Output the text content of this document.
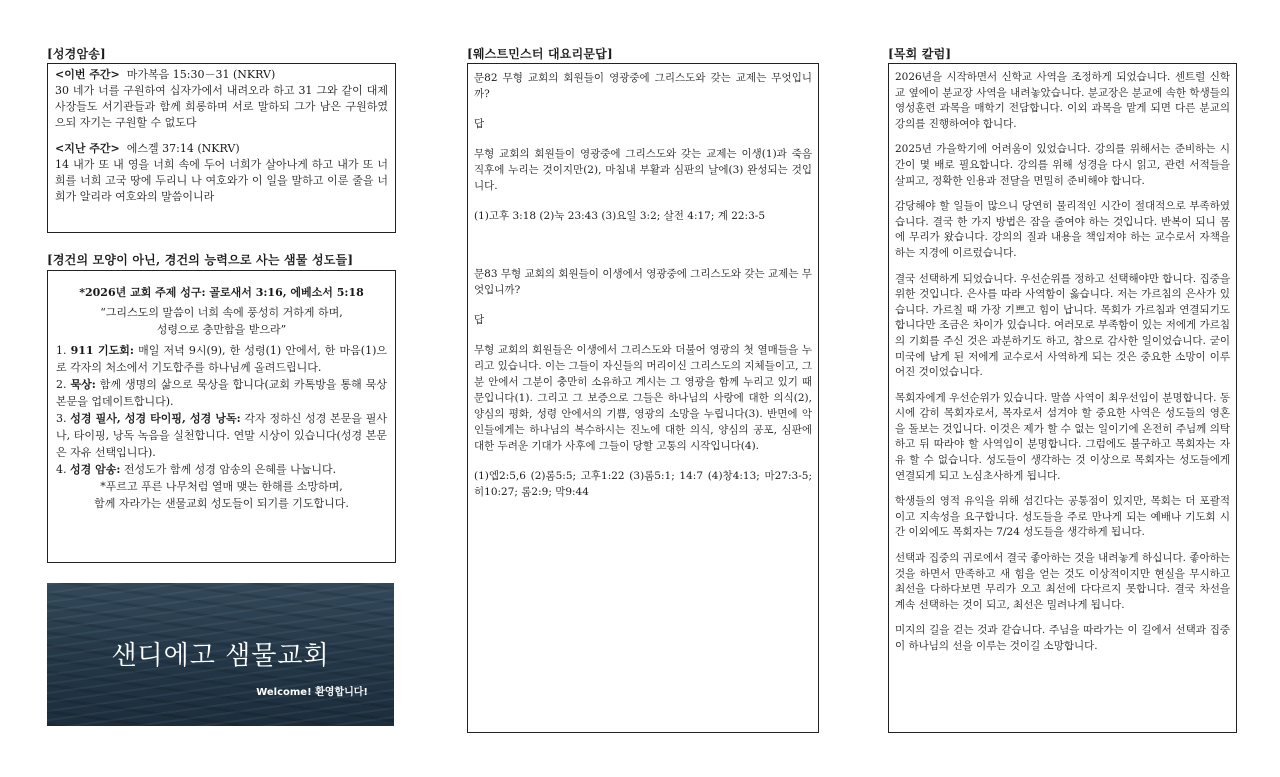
[성경암송]

<이번 주간> 마가복음 15:30－31 (NKRV)

30 네가 너를 구원하여 십자가에서 내려오라 하고 31 그와 같이 대제사장들도 서기관들과 함께 희롱하며 서로 말하되 그가 남은 구원하였으되 자기는 구원할 수 없도다

<지난 주간> 에스겔 37:14 (NKRV)

14 내가 또 내 영을 너희 속에 두어 너희가 살아나게 하고 내가 또 너희를 너희 고국 땅에 두리니 나 여호와가 이 일을 말하고 이룬 줄을 너희가 알리라 여호와의 말씀이니라

[경건의 모양이 아닌, 경건의 능력으로 사는 샘물 성도들]

*2026년 교회 주제 성구: 골로새서 3:16, 에베소서 5:18

“그리스도의 말씀이 너희 속에 풍성히 거하게 하며,

성령으로 충만함을 받으라”

1. 911 기도회: 매일 저녁 9시(9), 한 성령(1) 안에서, 한 마음(1)으로 각자의 처소에서 기도합주를 하나님께 올려드립니다.

2. 묵상: 함께 생명의 삶으로 묵상을 합니다(교회 카톡방을 통해 묵상 본문을 업데이트합니다).

3. 성경 필사, 성경 타이핑, 성경 낭독: 각자 정하신 성경 본문을 필사나, 타이핑, 낭독 녹음을 실천합니다. 연말 시상이 있습니다(성경 본문은 자유 선택입니다).

4. 성경 암송: 전성도가 함께 성경 암송의 은혜를 나눕니다.

*푸르고 푸른 나무처럼 열매 맺는 한해를 소망하며,

함께 자라가는 샌물교회 성도들이 되기를 기도합니다.

샌디에고 샘물교회
Welcome! 환영합니다!
[웨스트민스터 대요리문답]

문82 무형 교회의 회원들이 영광중에 그리스도와 갖는 교제는 무엇입니까?

답

무형 교회의 회원들이 영광중에 그리스도와 갖는 교제는 이생(1)과 죽음 직후에 누리는 것이지만(2), 마침내 부활과 심판의 날에(3) 완성되는 것입니다.

(1)고후 3:18 (2)눅 23:43 (3)요일 3:2; 살전 4:17; 계 22:3-5

문83 무형 교회의 회원들이 이생에서 영광중에 그리스도와 갖는 교제는 무엇입니까?

답

무형 교회의 회원들은 이생에서 그리스도와 더불어 영광의 첫 열매들을 누리고 있습니다. 이는 그들이 자신들의 머리이신 그리스도의 지체들이고, 그분 안에서 그분이 충만히 소유하고 계시는 그 영광을 함께 누리고 있기 때문입니다(1). 그리고 그 보증으로 그들은 하나님의 사랑에 대한 의식(2), 양심의 평화, 성령 안에서의 기쁨, 영광의 소망을 누립니다(3). 반면에 악인들에게는 하나님의 복수하시는 진노에 대한 의식, 양심의 공포, 심판에 대한 두려운 기대가 사후에 그들이 당할 고통의 시작입니다(4).

(1)엡2:5,6 (2)롬5:5; 고후1:22 (3)롬5:1; 14:7 (4)창4:13; 마27:3-5; 히10:27; 롬2:9; 막9:44

[목회 칼럼]

2026년을 시작하면서 신학교 사역을 조정하게 되었습니다. 센트럴 신학교 옆에이 분교장 사역을 내려놓았습니다. 분교장은 분교에 속한 학생들의 영성훈련 과목을 매학기 전담합니다. 이외 과목을 맡게 되면 다른 분교의 강의를 진행하여야 합니다.

2025년 가을학기에 어려움이 있었습니다. 강의를 위해서는 준비하는 시간이 몇 배로 필요합니다. 강의를 위해 성경을 다시 읽고, 관련 서적들을 살피고, 정확한 인용과 전달을 면밀히 준비해야 합니다.

감당해야 할 일들이 많으니 당연히 물리적인 시간이 절대적으로 부족하였습니다. 결국 한 가지 방법은 잠을 줄여야 하는 것입니다. 반복이 되니 몸에 무리가 왔습니다. 강의의 질과 내용을 책임져야 하는 교수로서 자책을 하는 지경에 이르렀습니다.

결국 선택하게 되었습니다. 우선순위를 정하고 선택해야만 합니다. 집중을 위한 것입니다. 은사를 따라 사역함이 옳습니다. 저는 가르침의 은사가 있습니다. 가르칠 때 가장 기쁘고 힘이 납니다. 목회가 가르침과 연결되기도 합니다만 조금은 차이가 있습니다. 여러모로 부족함이 있는 저에게 가르침의 기회를 주신 것은 과분하기도 하고, 참으로 감사한 일이었습니다. 굳이 미국에 남게 된 저에게 교수로서 사역하게 되는 것은 중요한 소망이 이루어진 것이었습니다.

목회자에게 우선순위가 있습니다. 말씀 사역이 최우선임이 분명합니다. 동시에 감히 목회자로서, 목자로서 섬겨야 할 중요한 사역은 성도들의 영혼을 돌보는 것입니다. 이것은 제가 할 수 없는 일이기에 온전히 주님께 의탁하고 뒤 따라야 할 사역임이 분명합니다. 그럼에도 불구하고 목회자는 자유 할 수 없습니다. 성도들이 생각하는 것 이상으로 목회자는 성도들에게 연결되게 되고 노심초사하게 됩니다.

학생들의 영적 유익을 위해 섬긴다는 공통점이 있지만, 목회는 더 포괄적이고 지속성을 요구합니다. 성도들을 주로 만나게 되는 예배나 기도회 시간 이외에도 목회자는 7/24 성도들을 생각하게 됩니다.

선택과 집중의 귀로에서 결국 좋아하는 것을 내려놓게 하십니다. 좋아하는 것을 하면서 만족하고 새 힘을 얻는 것도 이상적이지만 현실을 무시하고 최선을 다하다보면 무리가 오고 최선에 다다르지 못합니다. 결국 차선을 계속 선택하는 것이 되고, 최선은 밀려나게 됩니다.

미지의 길을 걷는 것과 같습니다. 주님을 따라가는 이 길에서 선택과 집중이 하나님의 선을 이루는 것이길 소망합니다.
